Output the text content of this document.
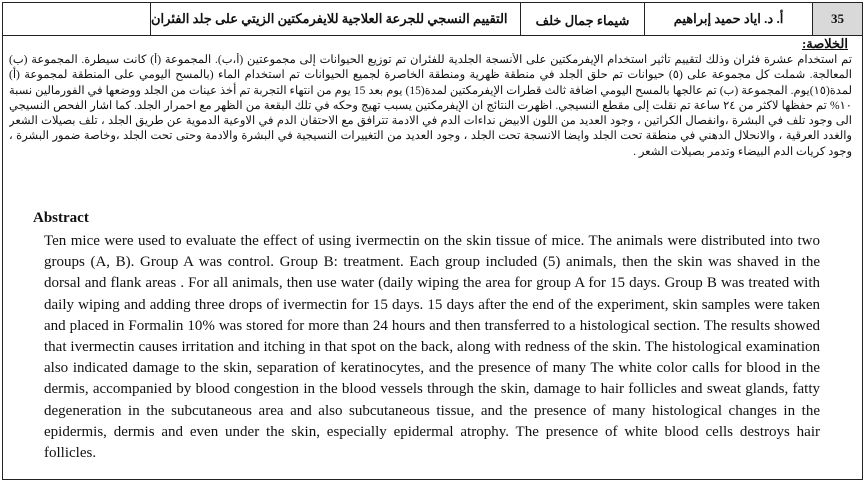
التقييم النسجي للجرعة العلاجية للايفرمكتين الزيتي على جلد الفئران	شيماء جمال خلف	أ. د. اياد حميد إبراهيم	35
الخلاصة:
تم استخدام عشرة فئران وذلك لتقييم تأثير استخدام الإيفرمكتين على الأنسجة الجلدية للفئران تم توزيع الحيوانات إلى مجموعتين (أ،ب). المجموعة (أ) كانت سيطرة. المجموعة (ب) المعالجة. شملت كل مجموعة على (٥) حيوانات تم حلق الجلد في منطقة ظهرية ومنطقة الخاصرة لجميع الحيوانات تم استخدام الماء (بالمسح اليومي على المنطقة لمجموعة (أ) لمدة(١٥)يوم. المجموعة (ب) تم عالجها بالمسح اليومي اضافة ثالث قطرات الإيفرمكتين لمدة(15) يوم بعد 15 يوم من انتهاء التجربة تم أخذ عينات من الجلد ووضعها في الفورمالين نسبة ١٠% تم حفظها لاكثر من ٢٤ ساعة تم نقلت إلى مقطع النسيجي. اظهرت النتائج ان الإيفرمكتين يسبب تهيج وحكه في تلك البقعة من الظهر مع احمرار الجلد. كما اشار الفحص النسيجي الى وجود تلف في البشرة ،وانفصال الكراتين ، وجود العديد من اللون الابيض نداءات الدم في الادمة تترافق مع الاحتقان الدم في الاوعية الدموية عن طريق الجلد ، تلف بصيلات الشعر والغدد العرقية ، والانحلال الدهني في منطقة تحت الجلد وايضا الانسجة تحت الجلد ، وجود العديد من التغييرات النسيجية في البشرة والادمة وحتى تحت الجلد ،وخاصة ضمور البشرة ، وجود كريات الدم البيضاء وتدمر بصيلات الشعر .
Abstract

Ten mice were used to evaluate the effect of using ivermectin on the skin tissue of mice. The animals were distributed into two groups (A, B). Group A was control. Group B: treatment. Each group included (5) animals, then the skin was shaved in the dorsal and flank areas . For all animals, then use water (daily wiping the area for group A for 15 days. Group B was treated with daily wiping and adding three drops of ivermectin for 15 days. 15 days after the end of the experiment, skin samples were taken and placed in Formalin 10% was stored for more than 24 hours and then transferred to a histological section. The results showed that ivermectin causes irritation and itching in that spot on the back, along with redness of the skin. The histological examination also indicated damage to the skin, separation of keratinocytes, and the presence of many The white color calls for blood in the dermis, accompanied by blood congestion in the blood vessels through the skin, damage to hair follicles and sweat glands, fatty degeneration in the subcutaneous area and also subcutaneous tissue, and the presence of many histological changes in the epidermis, dermis and even under the skin, especially epidermal atrophy. The presence of white blood cells destroys hair follicles.
